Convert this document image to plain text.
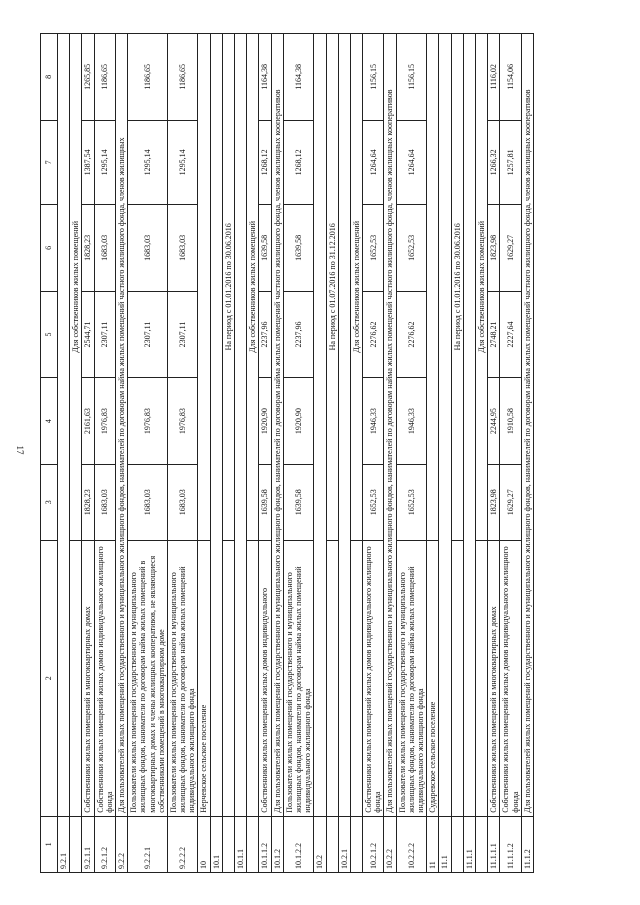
17
1	2	3	4	5	6	7	8
9.2.1							
		Для собственников жилых помещений					
9.2.1.1	Собственники жилых помещений в многоквартирных домах	1828,23	2161,63	2544,71	1828,23	1387,54	1265,85
9.2.1.2	Собственники жилых помещений жилых домов индивидуального жилищного фонда	1683,03	1976,83	2307,11	1683,03	1295,14	1186,65
9.2.2	Для пользователей жилых помещений государственного и муниципального жилищного фондов, нанимателей по договорам найма жилых помещений частного жилищного фонда, членов жилищных						
9.2.2.1	Пользователи жилых помещений государственного и муниципального жилищных фондов, наниматели по договорам найма жилых помещений в многоквартирных домах и члены жилищных кооперативов, не являющиеся собственниками помещений в многоквартирном доме	1683,03	1976,83	2307,11	1683,03	1295,14	1186,65
9.2.2.2	Пользователи жилых помещений государственного и муниципального жилищных фондов, наниматели по договорам найма жилых помещений индивидуального жилищного фонда	1683,03	1976,83	2307,11	1683,03	1295,14	1186,65
10	Нерчевское сельское поселение						
10.1							
		На период с 01.01.2016 по 30.06.2016					
10.1.1							
		Для собственников жилых помещений					
10.1.1.2	Собственники жилых помещений жилых домов индивидуального	1639,58	1920,90	2237,96	1639,58	1268,12	1164,38
10.1.2	Для пользователей жилых помещений государственного и муниципального жилищного фондов, нанимателей по договорам найма жилых помещений частного жилищного фонда, членов жилищных кооперативов						
10.1.2.2	Пользователи жилых помещений государственного и муниципального жилищных фондов, наниматели по договорам найма жилых помещений индивидуального жилищного фонда	1639,58	1920,90	2237,96	1639,58	1268,12	1164,38
10.2							
		На период с 01.07.2016 по 31.12.2016					
10.2.1							
		Для собственников жилых помещений					
10.2.1.2	Собственники жилых помещений жилых домов индивидуального жилищного фонда	1652,53	1946,33	2276,62	1652,53	1264,64	1156,15
10.2.2	Для пользователей жилых помещений государственного и муниципального жилищного фондов, нанимателей по договорам найма жилых помещений частного жилищного фонда, членов жилищных кооперативов						
10.2.2.2	Пользователи жилых помещений государственного и муниципального жилищных фондов, наниматели по договорам найма жилых помещений индивидуального жилищного фонда	1652,53	1946,33	2276,62	1652,53	1264,64	1156,15
11	Сударевское сельское поселение						
11.1							
		На период с 01.01.2016 по 30.06.2016					
11.1.1							
		Для собственников жилых помещений					
11.1.1.1	Собственники жилых помещений в многоквартирных домах	1823,98	2244,95	2748,21	1823,98	1266,32	1116,02
11.1.1.2	Собственники жилых помещений жилых домов индивидуального жилищного фонда	1629,27	1910,58	2227,64	1629,27	1257,81	1154,06
11.1.2	Для пользователей жилых помещений государственного и муниципального жилищного фондов, нанимателей по договорам найма жилых помещений частного жилищного фонда, членов жилищных кооперативов						
